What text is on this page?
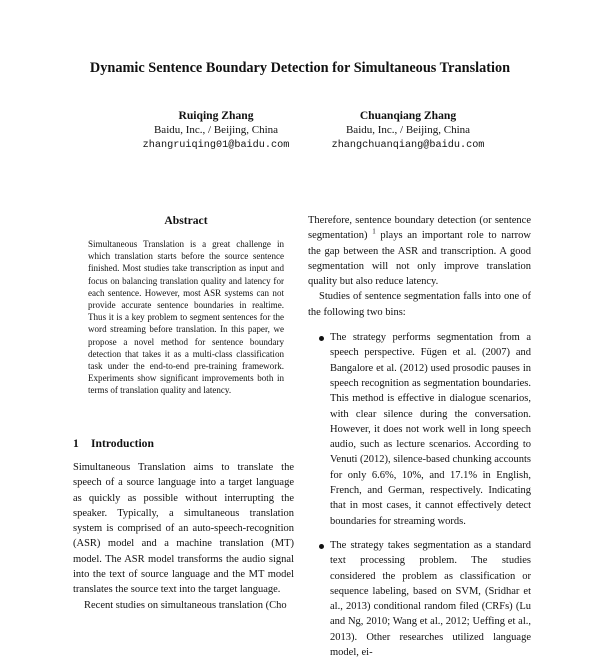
Dynamic Sentence Boundary Detection for Simultaneous Translation
Ruiqing Zhang
Baidu, Inc., / Beijing, China
zhangruiqing01@baidu.com
Chuanqiang Zhang
Baidu, Inc., / Beijing, China
zhangchuanqiang@baidu.com
Abstract
Simultaneous Translation is a great challenge in which translation starts before the source sentence finished. Most studies take transcription as input and focus on balancing translation quality and latency for each sentence. However, most ASR systems can not provide accurate sentence boundaries in realtime. Thus it is a key problem to segment sentences for the word streaming before translation. In this paper, we propose a novel method for sentence boundary detection that takes it as a multi-class classification task under the end-to-end pre-training framework. Experiments show significant improvements both in terms of translation quality and latency.
1 Introduction

Simultaneous Translation aims to translate the speech of a source language into a target language as quickly as possible without interrupting the speaker. Typically, a simultaneous translation system is comprised of an auto-speech-recognition (ASR) model and a machine translation (MT) model. The ASR model transforms the audio signal into the text of source language and the MT model translates the source text into the target language.

Recent studies on simultaneous translation (Cho

Therefore, sentence boundary detection (or sentence segmentation) $^1$ plays an important role to narrow the gap between the ASR and transcription. A good segmentation will not only improve translation quality but also reduce latency.

Studies of sentence segmentation falls into one of the following two bins:

The strategy performs segmentation from a speech perspective. Fügen et al. (2007) and Bangalore et al. (2012) used prosodic pauses in speech recognition as segmentation boundaries. This method is effective in dialogue scenarios, with clear silence during the conversation. However, it does not work well in long speech audio, such as lecture scenarios. According to Venuti (2012), silence-based chunking accounts for only 6.6%, 10%, and 17.1% in English, French, and German, respectively. Indicating that in most cases, it cannot effectively detect boundaries for streaming words.
The strategy takes segmentation as a standard text processing problem. The studies considered the problem as classification or sequence labeling, based on SVM, (Sridhar et al., 2013) conditional random filed (CRFs) (Lu and Ng, 2010; Wang et al., 2012; Ueffing et al., 2013). Other researches utilized language model, ei-
